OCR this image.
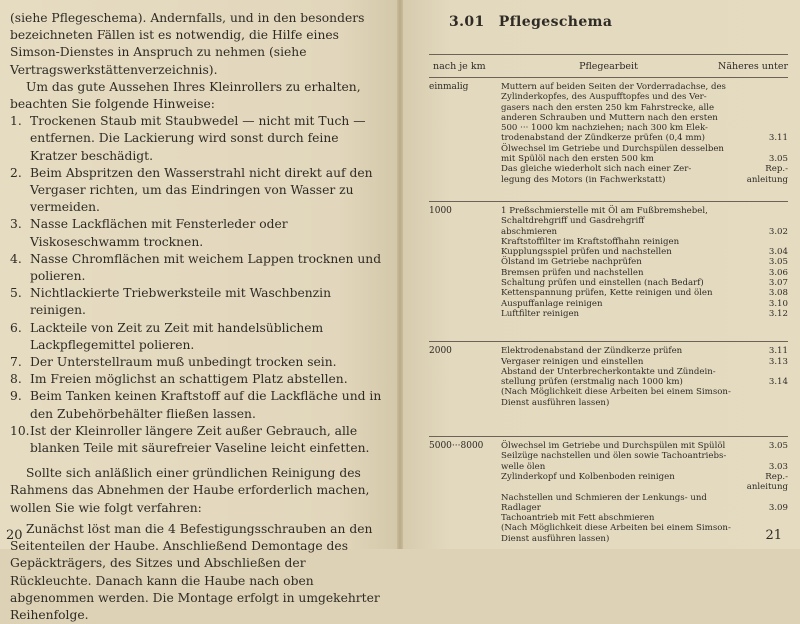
(siehe Pflegeschema). Andernfalls, und in den besonders bezeichneten Fällen ist es notwendig, die Hilfe eines Simson-Dienstes in Anspruch zu nehmen (siehe Vertragswerkstättenverzeichnis).

Um das gute Aussehen Ihres Kleinrollers zu erhalten, beachten Sie folgende Hinweise:

1. Trockenen Staub mit Staubwedel — nicht mit Tuch — entfernen. Die Lackierung wird sonst durch feine Kratzer beschädigt.
2. Beim Abspritzen den Wasserstrahl nicht direkt auf den Vergaser richten, um das Eindringen von Wasser zu vermeiden.
3. Nasse Lackflächen mit Fensterleder oder Viskoseschwamm trocknen.
4. Nasse Chromflächen mit weichem Lappen trocknen und polieren.
5. Nichtlackierte Triebwerksteile mit Waschbenzin reinigen.
6. Lackteile von Zeit zu Zeit mit handelsüblichem Lackpflegemittel polieren.
7. Der Unterstellraum muß unbedingt trocken sein.
8. Im Freien möglichst an schattigem Platz abstellen.
9. Beim Tanken keinen Kraftstoff auf die Lackfläche und in den Zubehörbehälter fließen lassen.
10. Ist der Kleinroller längere Zeit außer Gebrauch, alle blanken Teile mit säurefreier Vaseline leicht einfetten.

Sollte sich anläßlich einer gründlichen Reinigung des Rahmens das Abnehmen der Haube erforderlich machen, wollen Sie wie folgt verfahren:

Zunächst löst man die 4 Befestigungsschrauben an den Seitenteilen der Haube. Anschließend Demontage des Gepäckträgers, des Sitzes und Abschließen der Rückleuchte. Danach kann die Haube nach oben abgenommen werden. Die Montage erfolgt in umgekehrter Reihenfolge.

20
3.01 Pflegeschema
nach je km	Pflegearbeit	Näheres unter
einmalig	Muttern auf beiden Seiten der Vorderradachse, des
Zylinderkopfes, des Auspufftopfes und des Ver-
gasers nach den ersten 250 km Fahrstrecke, alle
anderen Schrauben und Muttern nach den ersten
500 ··· 1000 km nachziehen; nach 300 km Elek-
trodenabstand der Zündkerze prüfen (0,4 mm)	3.11
Ölwechsel im Getriebe und Durchspülen desselben
mit Spülöl nach den ersten 500 km	3.05
Das gleiche wiederholt sich nach einer Zer-	Rep.-
legung des Motors (in Fachwerkstatt)	anleitung
1000	1 Preßschmierstelle mit Öl am Fußbremshebel,
Schaltdrehgriff und Gasdrehgriff
abschmieren	3.02
Kraftstoffilter im Kraftstoffhahn reinigen
Kupplungsspiel prüfen und nachstellen	3.04
Ölstand im Getriebe nachprüfen	3.05
Bremsen prüfen und nachstellen	3.06
Schaltung prüfen und einstellen (nach Bedarf)	3.07
Kettenspannung prüfen, Kette reinigen und ölen	3.08
Auspuffanlage reinigen	3.10
Luftfilter reinigen	3.12
2000	Elektrodenabstand der Zündkerze prüfen	3.11
Vergaser reinigen und einstellen	3.13
Abstand der Unterbrecherkontakte und Zündein-
stellung prüfen (erstmalig nach 1000 km)	3.14
(Nach Möglichkeit diese Arbeiten bei einem Simson-
Dienst ausführen lassen)
5000···8000	Ölwechsel im Getriebe und Durchspülen mit Spülöl	3.05
Seilzüge nachstellen und ölen sowie Tachoantriebs-
welle ölen	3.03
Zylinderkopf und Kolbenboden reinigen	Rep.-
anleitung
Nachstellen und Schmieren der Lenkungs- und
Radlager	3.09
Tachoantrieb mit Fett abschmieren
(Nach Möglichkeit diese Arbeiten bei einem Simson-
Dienst ausführen lassen)	21
